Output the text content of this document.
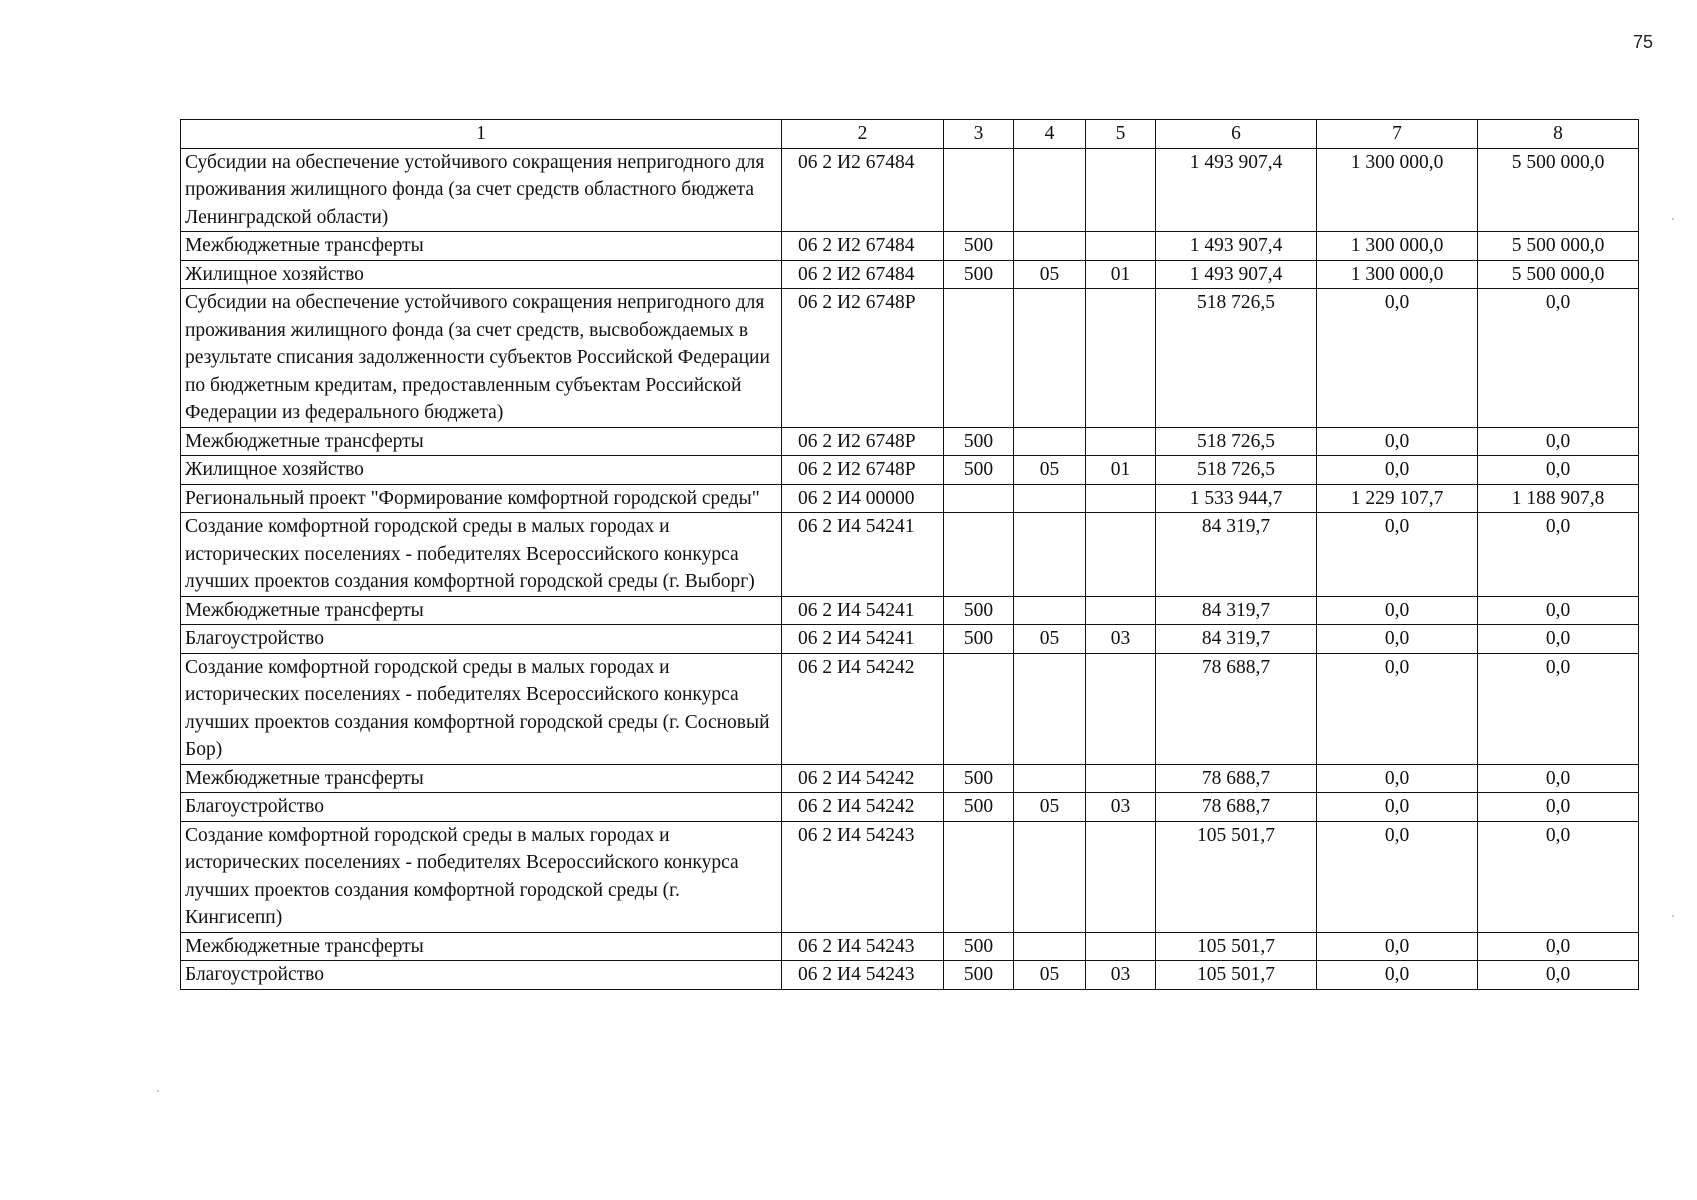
75
1	2	3	4	5	6	7	8
Субсидии на обеспечение устойчивого сокращения непригодного для проживания жилищного фонда (за счет средств областного бюджета Ленинградской области)	06 2 И2 67484				1 493 907,4	1 300 000,0	5 500 000,0
Межбюджетные трансферты	06 2 И2 67484	500			1 493 907,4	1 300 000,0	5 500 000,0
Жилищное хозяйство	06 2 И2 67484	500	05	01	1 493 907,4	1 300 000,0	5 500 000,0
Субсидии на обеспечение устойчивого сокращения непригодного для проживания жилищного фонда (за счет средств, высвобождаемых в результате списания задолженности субъектов Российской Федерации по бюджетным кредитам, предоставленным субъектам Российской Федерации из федерального бюджета)	06 2 И2 6748Р				518 726,5	0,0	0,0
Межбюджетные трансферты	06 2 И2 6748Р	500			518 726,5	0,0	0,0
Жилищное хозяйство	06 2 И2 6748Р	500	05	01	518 726,5	0,0	0,0
Региональный проект "Формирование комфортной городской среды"	06 2 И4 00000				1 533 944,7	1 229 107,7	1 188 907,8
Создание комфортной городской среды в малых городах и исторических поселениях - победителях Всероссийского конкурса лучших проектов создания комфортной городской среды (г. Выборг)	06 2 И4 54241				84 319,7	0,0	0,0
Межбюджетные трансферты	06 2 И4 54241	500			84 319,7	0,0	0,0
Благоустройство	06 2 И4 54241	500	05	03	84 319,7	0,0	0,0
Создание комфортной городской среды в малых городах и исторических поселениях - победителях Всероссийского конкурса лучших проектов создания комфортной городской среды (г. Сосновый Бор)	06 2 И4 54242				78 688,7	0,0	0,0
Межбюджетные трансферты	06 2 И4 54242	500			78 688,7	0,0	0,0
Благоустройство	06 2 И4 54242	500	05	03	78 688,7	0,0	0,0
Создание комфортной городской среды в малых городах и исторических поселениях - победителях Всероссийского конкурса лучших проектов создания комфортной городской среды (г. Кингисепп)	06 2 И4 54243				105 501,7	0,0	0,0
Межбюджетные трансферты	06 2 И4 54243	500			105 501,7	0,0	0,0
Благоустройство	06 2 И4 54243	500	05	03	105 501,7	0,0	0,0
